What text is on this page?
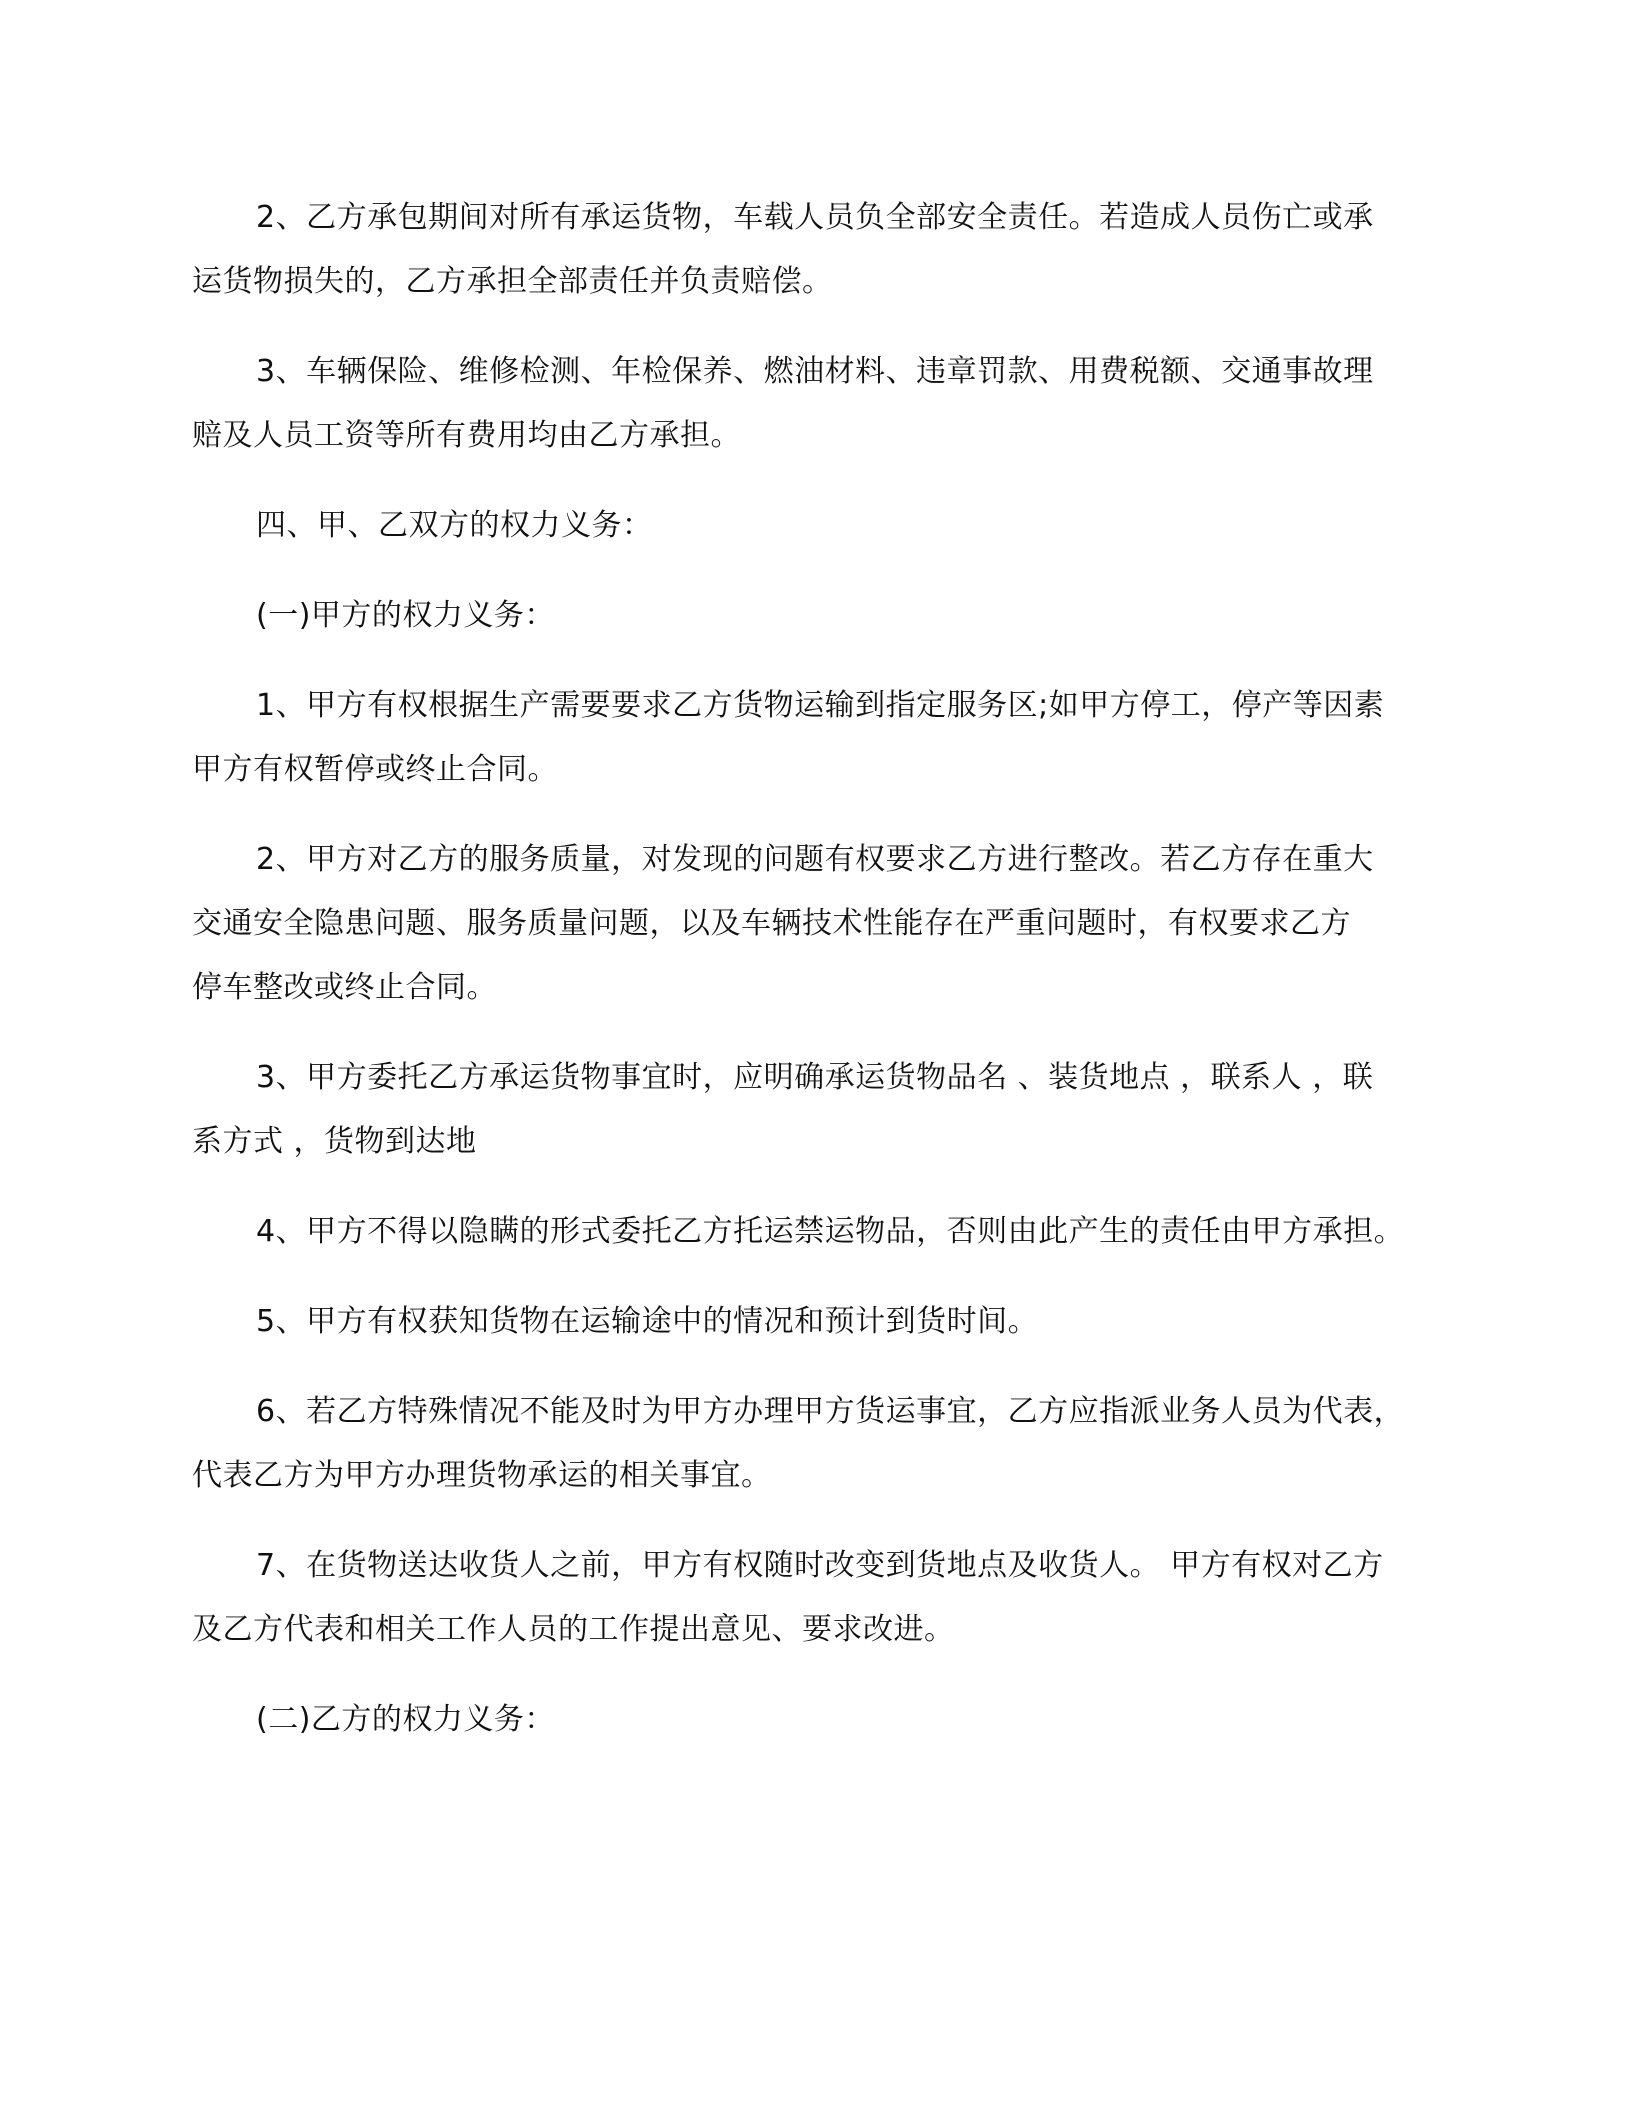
2、乙方承包期间对所有承运货物，车载人员负全部安全责任。若造成人员伤亡或承
运货物损失的，乙方承担全部责任并负责赔偿。

3、车辆保险、维修检测、年检保养、燃油材料、违章罚款、用费税额、交通事故理
赔及人员工资等所有费用均由乙方承担。

四、甲、乙双方的权力义务：

(一)甲方的权力义务：

1、甲方有权根据生产需要要求乙方货物运输到指定服务区;如甲方停工，停产等因素
甲方有权暂停或终止合同。

2、甲方对乙方的服务质量，对发现的问题有权要求乙方进行整改。若乙方存在重大
交通安全隐患问题、服务质量问题，以及车辆技术性能存在严重问题时，有权要求乙方
停车整改或终止合同。

3、甲方委托乙方承运货物事宜时，应明确承运货物品名 、装货地点 ，联系人 ，联
系方式 ，货物到达地

4、甲方不得以隐瞒的形式委托乙方托运禁运物品，否则由此产生的责任由甲方承担。

5、甲方有权获知货物在运输途中的情况和预计到货时间。

6、若乙方特殊情况不能及时为甲方办理甲方货运事宜，乙方应指派业务人员为代表，
代表乙方为甲方办理货物承运的相关事宜。

7、在货物送达收货人之前，甲方有权随时改变到货地点及收货人。 甲方有权对乙方
及乙方代表和相关工作人员的工作提出意见、要求改进。

(二)乙方的权力义务：
